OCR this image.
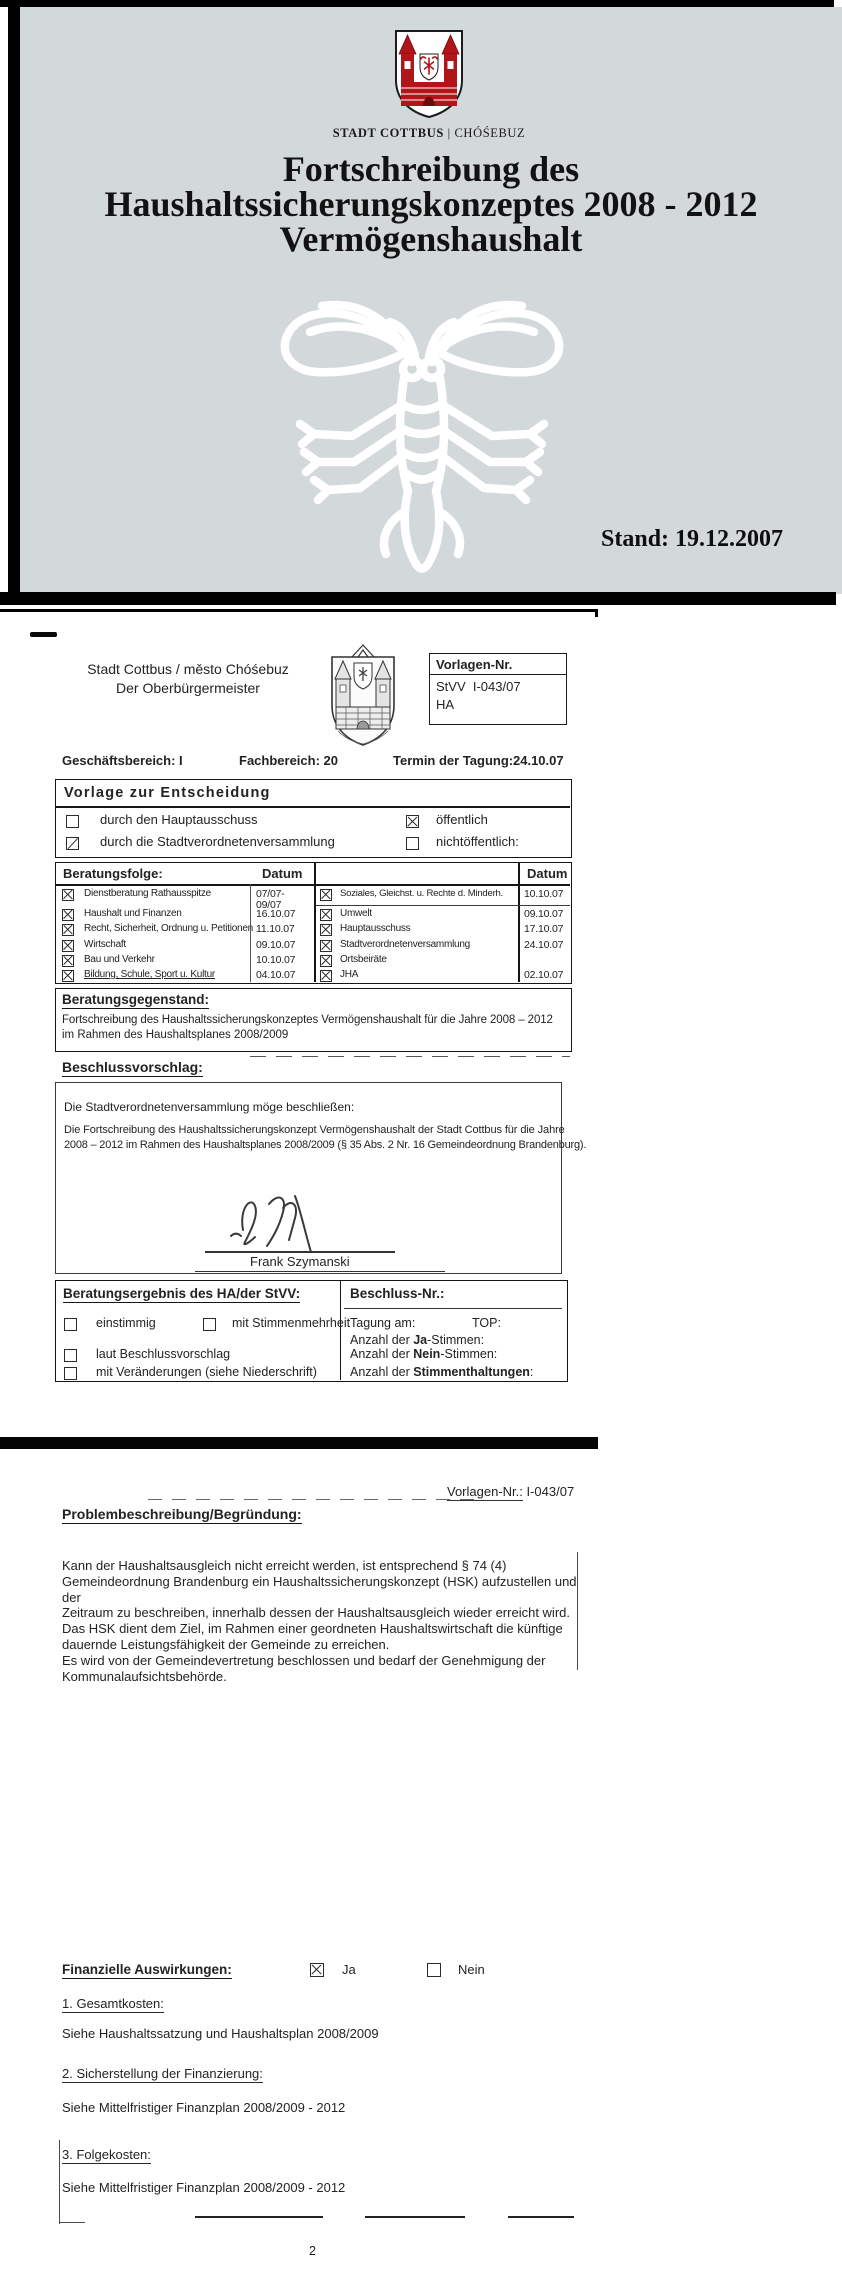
STADT COTTBUS | CHÓŚEBUZ
Fortschreibung des
Haushaltssicherungskonzeptes 2008 - 2012
Vermögenshaushalt
Stand: 19.12.2007
Stadt Cottbus / město Chóśebuz
Der Oberbürgermeister
Vorlagen-Nr.
StVV  I-043/07
HA
Geschäftsbereich: I	Fachbereich: 20	Termin der Tagung: 24.10.07
Vorlage zur Entscheidung
durch den Hauptausschuss	öffentlich
durch die Stadtverordnetenversammlung	nichtöffentlich:
Beratungsfolge:	Datum	Datum
Dienstberatung Rathausspitze	07/07-
09/07
Haushalt und Finanzen	16.10.07
Recht, Sicherheit, Ordnung u. Petitionen 11.10.07
Wirtschaft	09.10.07
Bau und Verkehr	10.10.07
Bildung, Schule, Sport u. Kultur	04.10.07
Soziales, Gleichst. u. Rechte d. Minderh. 10.10.07
Umwelt	09.10.07
Hauptausschuss	17.10.07
Stadtverordnetenversammlung	24.10.07
Ortsbeiräte
JHA	02.10.07
Beratungsgegenstand:
Fortschreibung des Haushaltssicherungskonzeptes Vermögenshaushalt für die Jahre 2008 – 2012
im Rahmen des Haushaltsplanes 2008/2009
Beschlussvorschlag:
Die Stadtverordnetenversammlung möge beschließen:
Die Fortschreibung des Haushaltssicherungskonzept Vermögenshaushalt der Stadt Cottbus für die Jahre
2008 – 2012 im Rahmen des Haushaltsplanes 2008/2009 (§ 35 Abs. 2 Nr. 16 Gemeindeordnung Brandenburg).
Frank Szymanski
Beratungsergebnis des HA/der StVV:	Beschluss-Nr.:
einstimmig	mit Stimmenmehrheit Tagung am:	TOP:
Anzahl der Ja-Stimmen:
laut Beschlussvorschlag	Anzahl der Nein-Stimmen:
mit Veränderungen (siehe Niederschrift)	Anzahl der Stimmenthaltungen:
Vorlagen-Nr.: I-043/07
Problembeschreibung/Begründung:
Kann der Haushaltsausgleich nicht erreicht werden, ist entsprechend § 74 (4)
Gemeindeordnung Brandenburg ein Haushaltssicherungskonzept (HSK) aufzustellen und der
Zeitraum zu beschreiben, innerhalb dessen der Haushaltsausgleich wieder erreicht wird.
Das HSK dient dem Ziel, im Rahmen einer geordneten Haushaltswirtschaft die künftige
dauernde Leistungsfähigkeit der Gemeinde zu erreichen.
Es wird von der Gemeindevertretung beschlossen und bedarf der Genehmigung der
Kommunalaufsichtsbehörde.
Finanzielle Auswirkungen:	Ja	Nein
1. Gesamtkosten:
Siehe Haushaltssatzung und Haushaltsplan 2008/2009
2. Sicherstellung der Finanzierung:
Siehe Mittelfristiger Finanzplan 2008/2009 - 2012
3. Folgekosten:
Siehe Mittelfristiger Finanzplan 2008/2009 - 2012
2
